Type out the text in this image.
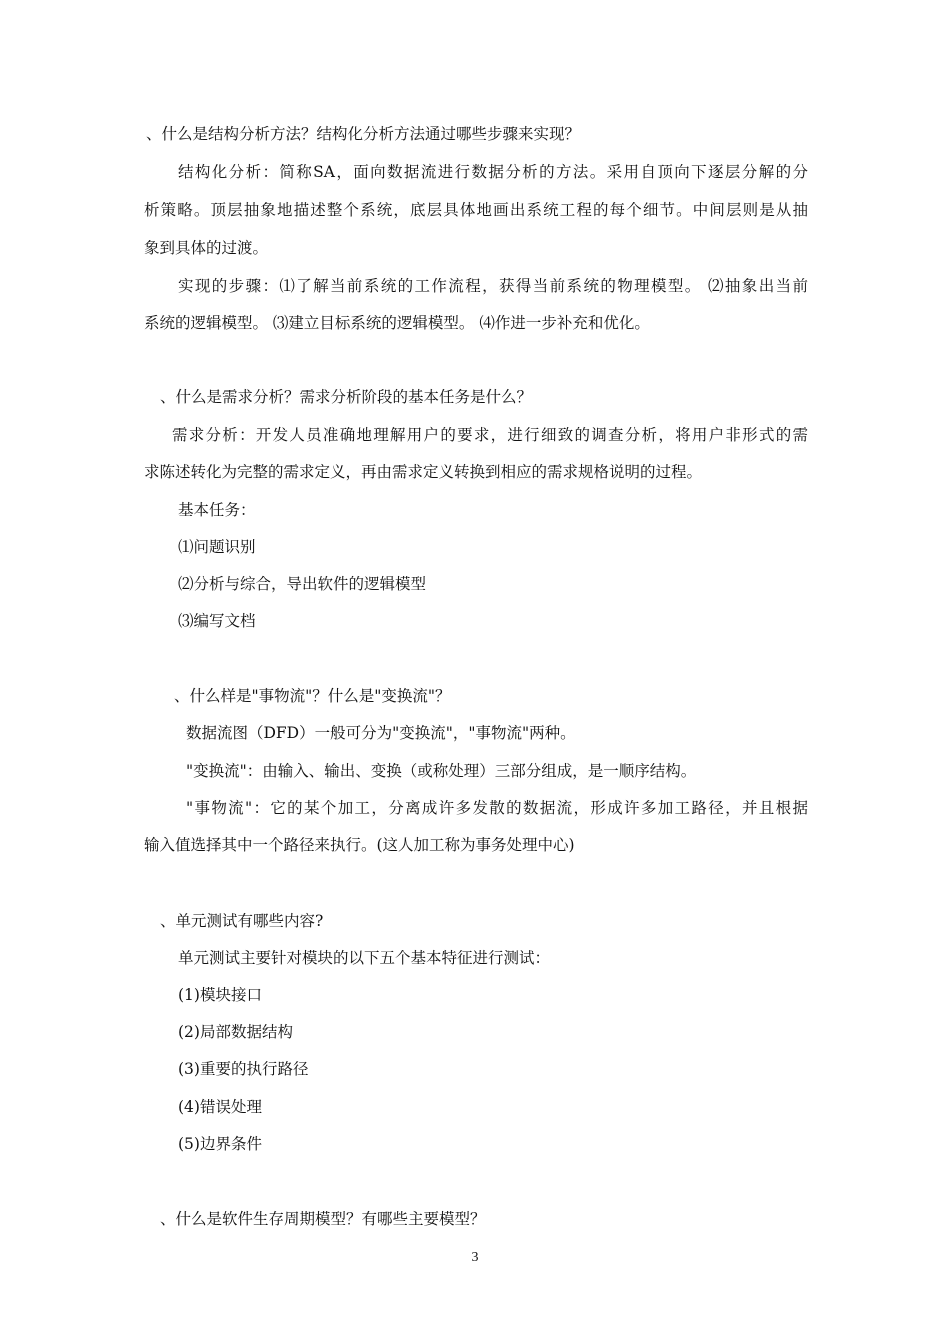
、什么是结构分析方法？结构化分析方法通过哪些步骤来实现？
结构化分析：简称SA，面向数据流进行数据分析的方法。采用自顶向下逐层分解的分
析策略。顶层抽象地描述整个系统，底层具体地画出系统工程的每个细节。中间层则是从抽
象到具体的过渡。
实现的步骤：⑴了解当前系统的工作流程，获得当前系统的物理模型。 ⑵抽象出当前
系统的逻辑模型。 ⑶建立目标系统的逻辑模型。 ⑷作进一步补充和优化。
、什么是需求分析？需求分析阶段的基本任务是什么？
需求分析：开发人员准确地理解用户的要求，进行细致的调查分析，将用户非形式的需
求陈述转化为完整的需求定义，再由需求定义转换到相应的需求规格说明的过程。
基本任务：
⑴问题识别
⑵分析与综合，导出软件的逻辑模型
⑶编写文档
、什么样是"事物流"？什么是"变换流"？
数据流图（DFD）一般可分为"变换流"，"事物流"两种。
"变换流"：由输入、输出、变换（或称处理）三部分组成，是一顺序结构。
"事物流"：它的某个加工，分离成许多发散的数据流，形成许多加工路径，并且根据
输入值选择其中一个路径来执行。(这人加工称为事务处理中心)
、单元测试有哪些内容?
单元测试主要针对模块的以下五个基本特征进行测试：
(1)模块接口
(2)局部数据结构
(3)重要的执行路径
(4)错误处理
(5)边界条件
、什么是软件生存周期模型？有哪些主要模型？
3
